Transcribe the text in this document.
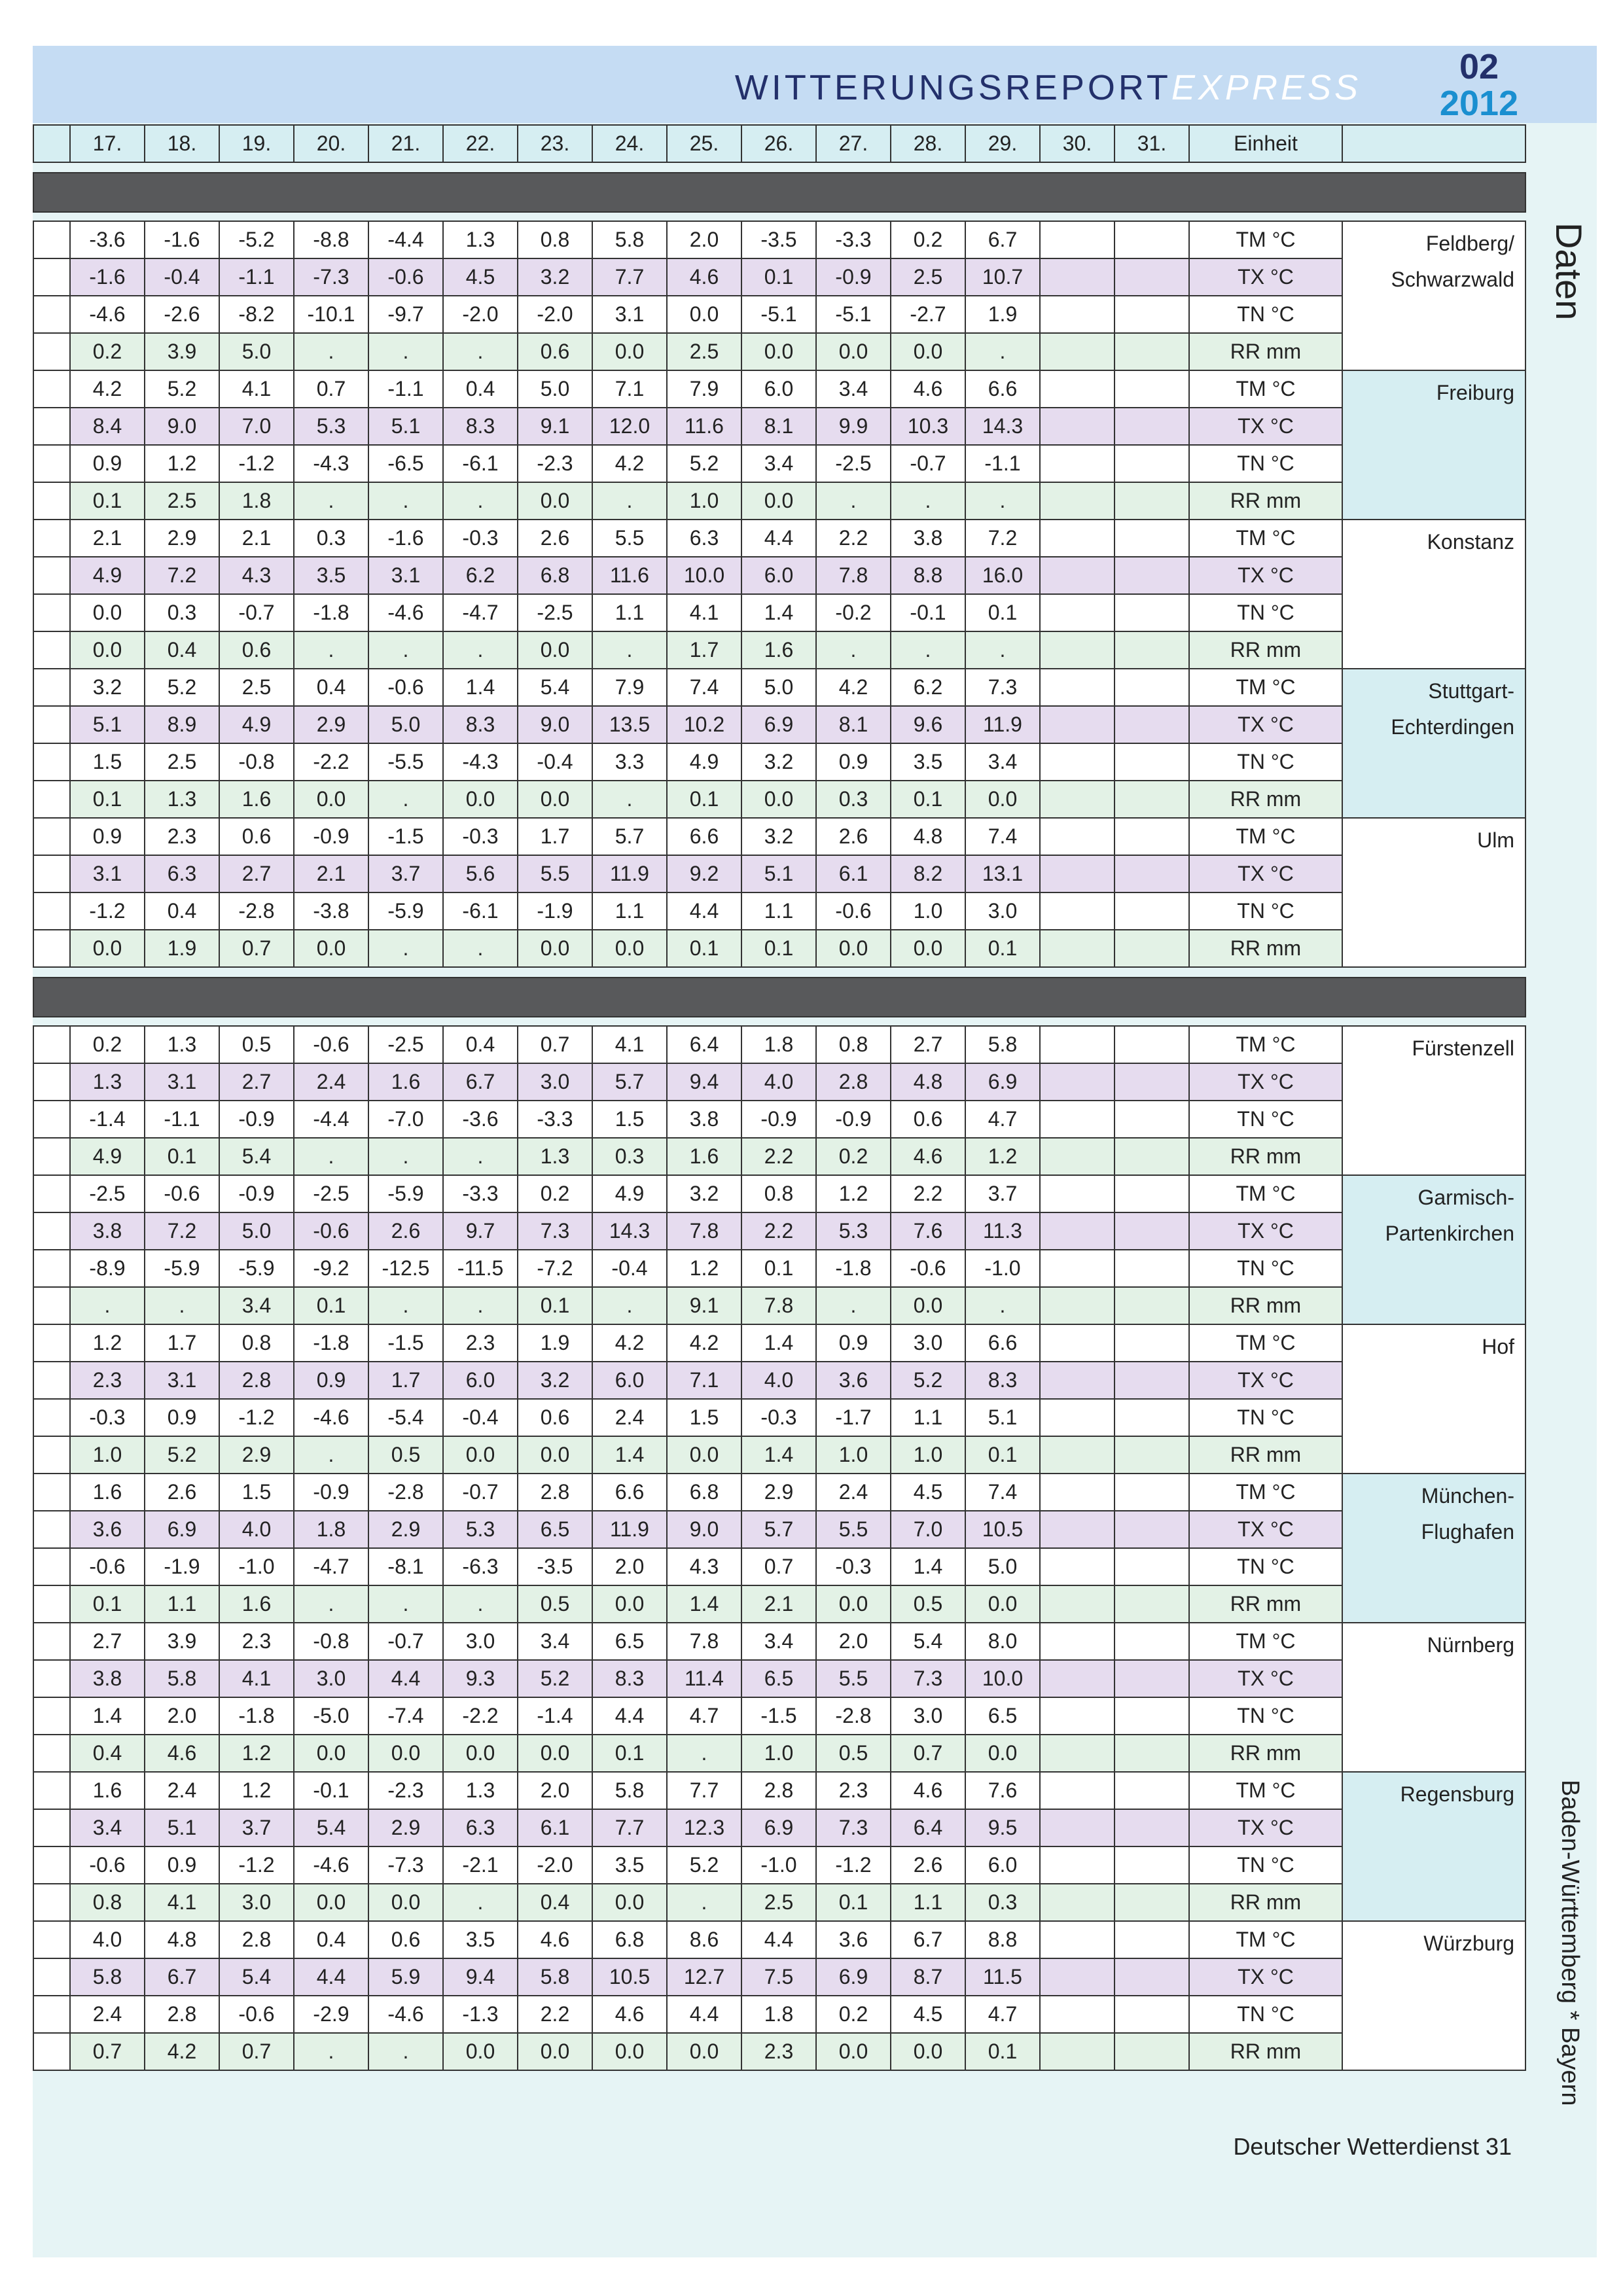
WITTERUNGSREPORTEXPRESS
02
2012
	17.	18.	19.	20.	21.	22.	23.	24.	25.	26.	27.	28.	29.	30.	31.	Einheit	

	-3.6	-1.6	-5.2	-8.8	-4.4	1.3	0.8	5.8	2.0	-3.5	-3.3	0.2	6.7			TM °C	Feldberg/
Schwarzwald
	-1.6	-0.4	-1.1	-7.3	-0.6	4.5	3.2	7.7	4.6	0.1	-0.9	2.5	10.7			TX °C	
	-4.6	-2.6	-8.2	-10.1	-9.7	-2.0	-2.0	3.1	0.0	-5.1	-5.1	-2.7	1.9			TN °C	
	0.2	3.9	5.0	.	.	.	0.6	0.0	2.5	0.0	0.0	0.0	.			RR mm	
	4.2	5.2	4.1	0.7	-1.1	0.4	5.0	7.1	7.9	6.0	3.4	4.6	6.6			TM °C	Freiburg
	8.4	9.0	7.0	5.3	5.1	8.3	9.1	12.0	11.6	8.1	9.9	10.3	14.3			TX °C	
	0.9	1.2	-1.2	-4.3	-6.5	-6.1	-2.3	4.2	5.2	3.4	-2.5	-0.7	-1.1			TN °C	
	0.1	2.5	1.8	.	.	.	0.0	.	1.0	0.0	.	.	.			RR mm	
	2.1	2.9	2.1	0.3	-1.6	-0.3	2.6	5.5	6.3	4.4	2.2	3.8	7.2			TM °C	Konstanz
	4.9	7.2	4.3	3.5	3.1	6.2	6.8	11.6	10.0	6.0	7.8	8.8	16.0			TX °C	
	0.0	0.3	-0.7	-1.8	-4.6	-4.7	-2.5	1.1	4.1	1.4	-0.2	-0.1	0.1			TN °C	
	0.0	0.4	0.6	.	.	.	0.0	.	1.7	1.6	.	.	.			RR mm	
	3.2	5.2	2.5	0.4	-0.6	1.4	5.4	7.9	7.4	5.0	4.2	6.2	7.3			TM °C	Stuttgart-Echterdingen
	5.1	8.9	4.9	2.9	5.0	8.3	9.0	13.5	10.2	6.9	8.1	9.6	11.9			TX °C	
	1.5	2.5	-0.8	-2.2	-5.5	-4.3	-0.4	3.3	4.9	3.2	0.9	3.5	3.4			TN °C	
	0.1	1.3	1.6	0.0	.	0.0	0.0	.	0.1	0.0	0.3	0.1	0.0			RR mm	
	0.9	2.3	0.6	-0.9	-1.5	-0.3	1.7	5.7	6.6	3.2	2.6	4.8	7.4			TM °C	Ulm
	3.1	6.3	2.7	2.1	3.7	5.6	5.5	11.9	9.2	5.1	6.1	8.2	13.1			TX °C	
	-1.2	0.4	-2.8	-3.8	-5.9	-6.1	-1.9	1.1	4.4	1.1	-0.6	1.0	3.0			TN °C	
	0.0	1.9	0.7	0.0	.	.	0.0	0.0	0.1	0.1	0.0	0.0	0.1			RR mm	

	0.2	1.3	0.5	-0.6	-2.5	0.4	0.7	4.1	6.4	1.8	0.8	2.7	5.8			TM °C	Fürstenzell
	1.3	3.1	2.7	2.4	1.6	6.7	3.0	5.7	9.4	4.0	2.8	4.8	6.9			TX °C	
	-1.4	-1.1	-0.9	-4.4	-7.0	-3.6	-3.3	1.5	3.8	-0.9	-0.9	0.6	4.7			TN °C	
	4.9	0.1	5.4	.	.	.	1.3	0.3	1.6	2.2	0.2	4.6	1.2			RR mm	
	-2.5	-0.6	-0.9	-2.5	-5.9	-3.3	0.2	4.9	3.2	0.8	1.2	2.2	3.7			TM °C	Garmisch-
Partenkirchen
	3.8	7.2	5.0	-0.6	2.6	9.7	7.3	14.3	7.8	2.2	5.3	7.6	11.3			TX °C	
	-8.9	-5.9	-5.9	-9.2	-12.5	-11.5	-7.2	-0.4	1.2	0.1	-1.8	-0.6	-1.0			TN °C	
	.	.	3.4	0.1	.	.	0.1	.	9.1	7.8	.	0.0	.			RR mm	
	1.2	1.7	0.8	-1.8	-1.5	2.3	1.9	4.2	4.2	1.4	0.9	3.0	6.6			TM °C	Hof
	2.3	3.1	2.8	0.9	1.7	6.0	3.2	6.0	7.1	4.0	3.6	5.2	8.3			TX °C	
	-0.3	0.9	-1.2	-4.6	-5.4	-0.4	0.6	2.4	1.5	-0.3	-1.7	1.1	5.1			TN °C	
	1.0	5.2	2.9	.	0.5	0.0	0.0	1.4	0.0	1.4	1.0	1.0	0.1			RR mm	
	1.6	2.6	1.5	-0.9	-2.8	-0.7	2.8	6.6	6.8	2.9	2.4	4.5	7.4			TM °C	München-Flughafen
	3.6	6.9	4.0	1.8	2.9	5.3	6.5	11.9	9.0	5.7	5.5	7.0	10.5			TX °C	
	-0.6	-1.9	-1.0	-4.7	-8.1	-6.3	-3.5	2.0	4.3	0.7	-0.3	1.4	5.0			TN °C	
	0.1	1.1	1.6	.	.	.	0.5	0.0	1.4	2.1	0.0	0.5	0.0			RR mm	
	2.7	3.9	2.3	-0.8	-0.7	3.0	3.4	6.5	7.8	3.4	2.0	5.4	8.0			TM °C	Nürnberg
	3.8	5.8	4.1	3.0	4.4	9.3	5.2	8.3	11.4	6.5	5.5	7.3	10.0			TX °C	
	1.4	2.0	-1.8	-5.0	-7.4	-2.2	-1.4	4.4	4.7	-1.5	-2.8	3.0	6.5			TN °C	
	0.4	4.6	1.2	0.0	0.0	0.0	0.0	0.1	.	1.0	0.5	0.7	0.0			RR mm	
	1.6	2.4	1.2	-0.1	-2.3	1.3	2.0	5.8	7.7	2.8	2.3	4.6	7.6			TM °C	Regensburg
	3.4	5.1	3.7	5.4	2.9	6.3	6.1	7.7	12.3	6.9	7.3	6.4	9.5			TX °C	
	-0.6	0.9	-1.2	-4.6	-7.3	-2.1	-2.0	3.5	5.2	-1.0	-1.2	2.6	6.0			TN °C	
	0.8	4.1	3.0	0.0	0.0	.	0.4	0.0	.	2.5	0.1	1.1	0.3			RR mm	
	4.0	4.8	2.8	0.4	0.6	3.5	4.6	6.8	8.6	4.4	3.6	6.7	8.8			TM °C	Würzburg
	5.8	6.7	5.4	4.4	5.9	9.4	5.8	10.5	12.7	7.5	6.9	8.7	11.5			TX °C	
	2.4	2.8	-0.6	-2.9	-4.6	-1.3	2.2	4.6	4.4	1.8	0.2	4.5	4.7			TN °C	
	0.7	4.2	0.7	.	.	0.0	0.0	0.0	0.0	2.3	0.0	0.0	0.1			RR mm	
Daten
Baden-Württemberg * Bayern
Deutscher Wetterdienst 31
